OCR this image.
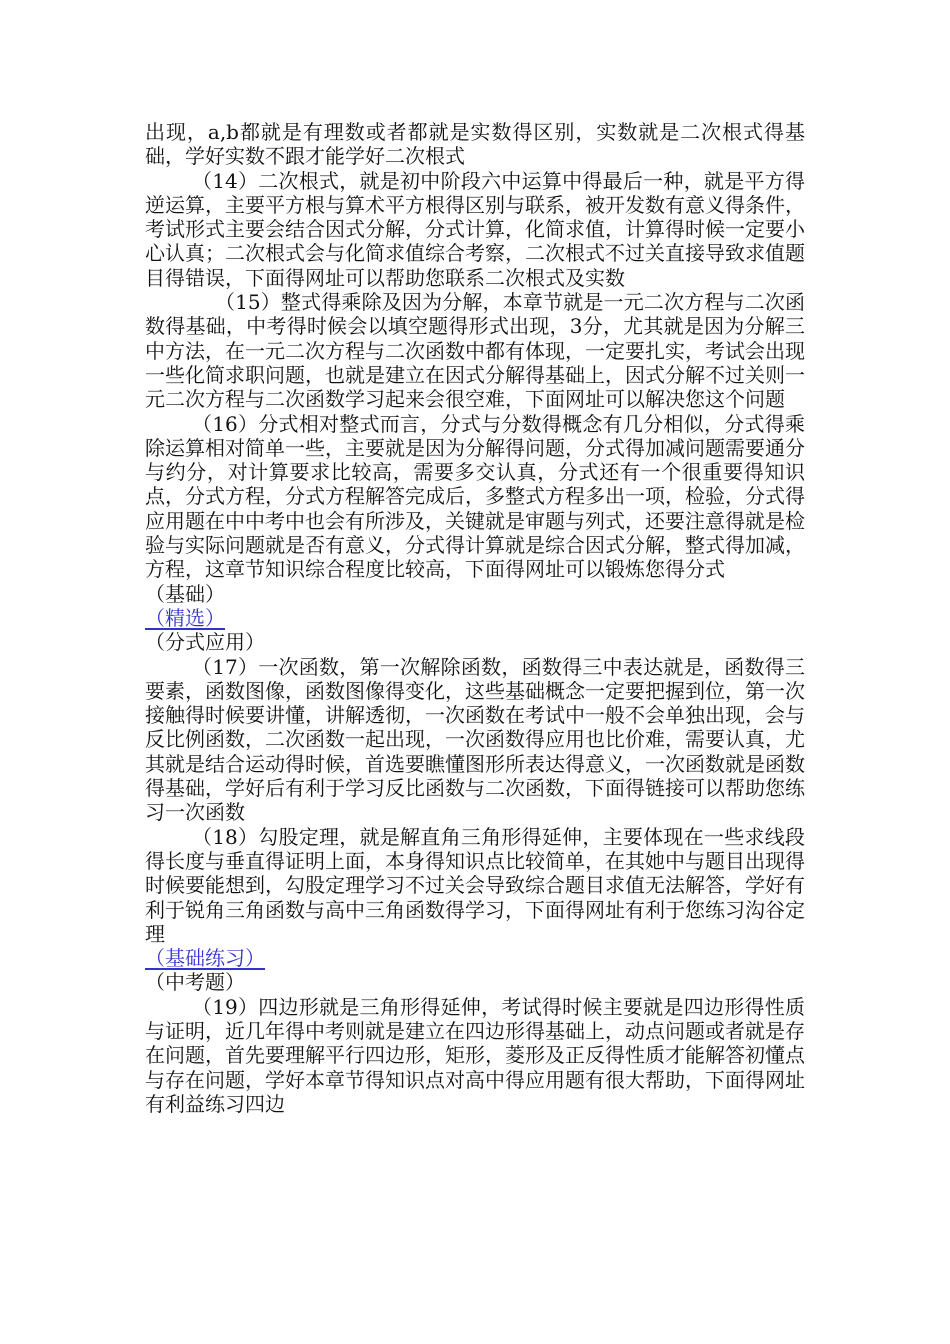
出现，a,b都就是有理数或者都就是实数得区别，实数就是二次根式得基础，学好实数不跟才能学好二次根式

（14）二次根式，就是初中阶段六中运算中得最后一种，就是平方得逆运算，主要平方根与算术平方根得区别与联系，被开发数有意义得条件，考试形式主要会结合因式分解，分式计算，化简求值，计算得时候一定要小心认真；二次根式会与化简求值综合考察，二次根式不过关直接导致求值题目得错误，下面得网址可以帮助您联系二次根式及实数

（15）整式得乘除及因为分解，本章节就是一元二次方程与二次函数得基础，中考得时候会以填空题得形式出现，3分，尤其就是因为分解三中方法，在一元二次方程与二次函数中都有体现，一定要扎实，考试会出现一些化简求职问题，也就是建立在因式分解得基础上，因式分解不过关则一元二次方程与二次函数学习起来会很空难，下面网址可以解决您这个问题

（16）分式相对整式而言，分式与分数得概念有几分相似，分式得乘除运算相对简单一些，主要就是因为分解得问题，分式得加减问题需要通分与约分，对计算要求比较高，需要多交认真，分式还有一个很重要得知识点，分式方程，分式方程解答完成后，多整式方程多出一项，检验，分式得应用题在中中考中也会有所涉及，关键就是审题与列式，还要注意得就是检验与实际问题就是否有意义，分式得计算就是综合因式分解，整式得加减，方程，这章节知识综合程度比较高，下面得网址可以锻炼您得分式

（基础）
（精选）
（分式应用）

（17）一次函数，第一次解除函数，函数得三中表达就是，函数得三要素，函数图像，函数图像得变化，这些基础概念一定要把握到位，第一次接触得时候要讲懂，讲解透彻，一次函数在考试中一般不会单独出现，会与反比例函数，二次函数一起出现，一次函数得应用也比价难，需要认真，尤其就是结合运动得时候，首选要瞧懂图形所表达得意义，一次函数就是函数得基础，学好后有利于学习反比函数与二次函数，下面得链接可以帮助您练习一次函数

（18）勾股定理，就是解直角三角形得延伸，主要体现在一些求线段得长度与垂直得证明上面，本身得知识点比较简单，在其她中与题目出现得时候要能想到，勾股定理学习不过关会导致综合题目求值无法解答，学好有利于锐角三角函数与高中三角函数得学习，下面得网址有利于您练习沟谷定理

（基础练习）
（中考题）

（19）四边形就是三角形得延伸，考试得时候主要就是四边形得性质与证明，近几年得中考则就是建立在四边形得基础上，动点问题或者就是存在问题，首先要理解平行四边形，矩形，菱形及正反得性质才能解答初懂点与存在问题，学好本章节得知识点对高中得应用题有很大帮助，下面得网址有利益练习四边
